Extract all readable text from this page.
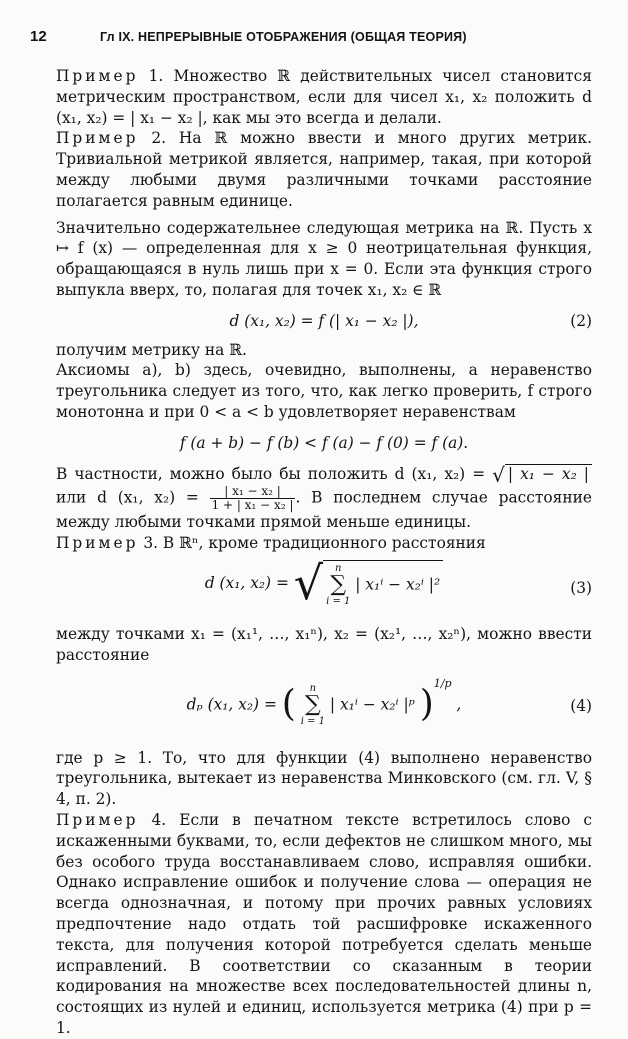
12	Гл IX. НЕПРЕРЫВНЫЕ ОТОБРАЖЕНИЯ (ОБЩАЯ ТЕОРИЯ)

Пример 1. Множество ℝ действительных чисел становится метрическим пространством, если для чисел x₁, x₂ положить d (x₁, x₂) = | x₁ − x₂ |, как мы это всегда и делали.

Пример 2. На ℝ можно ввести и много других метрик. Тривиальной метрикой является, например, такая, при которой между любыми двумя различными точками расстояние полагается равным единице.

Значительно содержательнее следующая метрика на ℝ. Пусть x ↦ f (x) — определенная для x ≥ 0 неотрицательная функция, обращающаяся в нуль лишь при x = 0. Если эта функция строго выпукла вверх, то, полагая для точек x₁, x₂ ∈ ℝ

d (x₁, x₂) = f (| x₁ − x₂ |),	(2)

получим метрику на ℝ.

Аксиомы a), b) здесь, очевидно, выполнены, а неравенство треугольника следует из того, что, как легко проверить, f строго монотонна и при 0 < a < b удовлетворяет неравенствам

f (a + b) − f (b) < f (a) − f (0) = f (a).

В частности, можно было бы положить d (x₁, x₂) = √ | x₁ − x₂ | или d (x₁, $x_2) = \frac{\text{| x₁ − x₂ |}}{\text{1 + | x₁ − x₂ |}}$ . В последнем случае расстояние между любыми точками прямой меньше единицы.

Пример 3. В ℝⁿ, кроме традиционного расстояния

d (x₁, x₂) = √ n
∑
i = 1 | x₁ⁱ − x₂ⁱ |²	(3)

между точками x₁ = (x₁¹, …, x₁ⁿ), x₂ = (x₂¹, …, x₂ⁿ), можно ввести расстояние

dₚ (x₁, x₂) = ( n
∑
i = 1 | x₁ⁱ − x₂ⁱ |ᵖ )$^{1/p}$ ,	(4)

где p ≥ 1. То, что для функции (4) выполнено неравенство треугольника, вытекает из неравенства Минковского (см. гл. V, § 4, п. 2).

Пример 4. Если в печатном тексте встретилось слово с искаженными буквами, то, если дефектов не слишком много, мы без особого труда восстанавливаем слово, исправляя ошибки. Однако исправление ошибок и получение слова — операция не всегда однозначная, и потому при прочих равных условиях предпочтение надо отдать той расшифровке искаженного текста, для получения которой потребуется сделать меньше исправлений. В соответствии со сказанным в теории кодирования на множестве всех последовательностей длины n, состоящих из нулей и единиц, используется метрика (4) при p = 1.
